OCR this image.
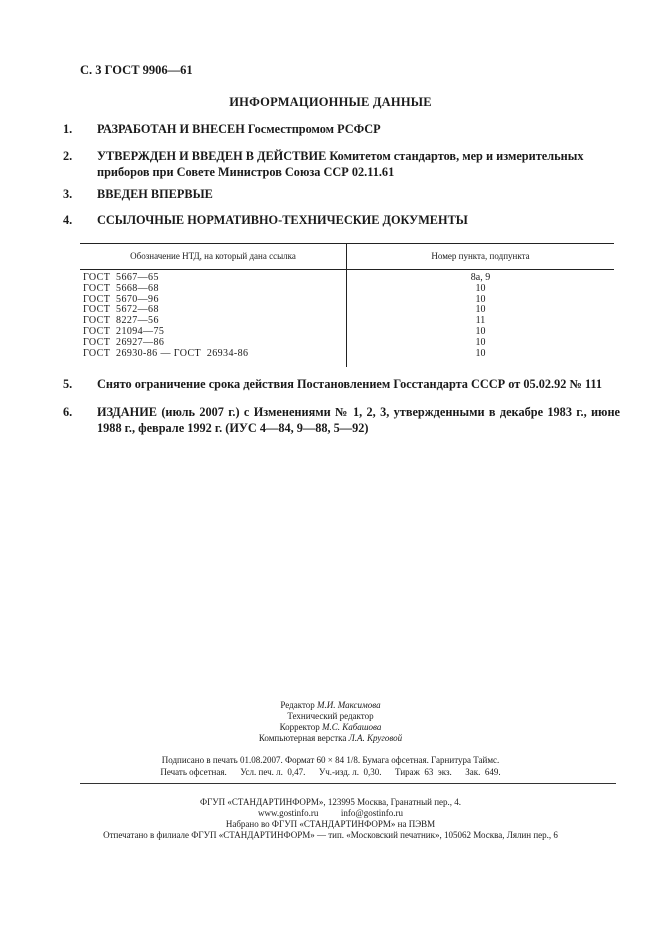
С. 3 ГОСТ 9906—61
ИНФОРМАЦИОННЫЕ ДАННЫЕ
1. РАЗРАБОТАН И ВНЕСЕН Госместпромом РСФСР
2. УТВЕРЖДЕН И ВВЕДЕН В ДЕЙСТВИЕ Комитетом стандартов, мер и измерительных приборов при Совете Министров Союза ССР 02.11.61
3. ВВЕДЕН ВПЕРВЫЕ
4. ССЫЛОЧНЫЕ НОРМАТИВНО-ТЕХНИЧЕСКИЕ ДОКУМЕНТЫ
Обозначение НТД, на который дана ссылка	Номер пункта, подпункта
ГОСТ  5667—65	8а, 9
ГОСТ  5668—68	10
ГОСТ  5670—96	10
ГОСТ  5672—68	10
ГОСТ  8227—56	11
ГОСТ  21094—75	10
ГОСТ  26927—86	10
ГОСТ  26930-86 — ГОСТ  26934-86	10
5. Снято ограничение срока действия Постановлением Госстандарта СССР от 05.02.92 № 111
6. ИЗДАНИЕ (июль 2007 г.) с Изменениями № 1, 2, 3, утвержденными в декабре 1983 г., июне 1988 г., феврале 1992 г. (ИУС 4—84, 9—88, 5—92)
Редактор М.И. Максимова
Технический редактор
Корректор М.С. Кабашова
Компьютерная верстка Л.А. Круговой
Подписано в печать 01.08.2007. Формат 60 × 84 1/8. Бумага офсетная. Гарнитура Таймс.
Печать офсетная.      Усл. печ. л.  0,47.      Уч.-изд. л.  0,30.      Тираж  63  экз.      Зак.  649.
ФГУП «СТАНДАРТИНФОРМ», 123995 Москва, Гранатный пер., 4.
www.gostinfo.ru          info@gostinfo.ru
Набрано во ФГУП «СТАНДАРТИНФОРМ» на ПЭВМ
Отпечатано в филиале ФГУП «СТАНДАРТИНФОРМ» — тип. «Московский печатник», 105062 Москва, Лялин пер., 6
